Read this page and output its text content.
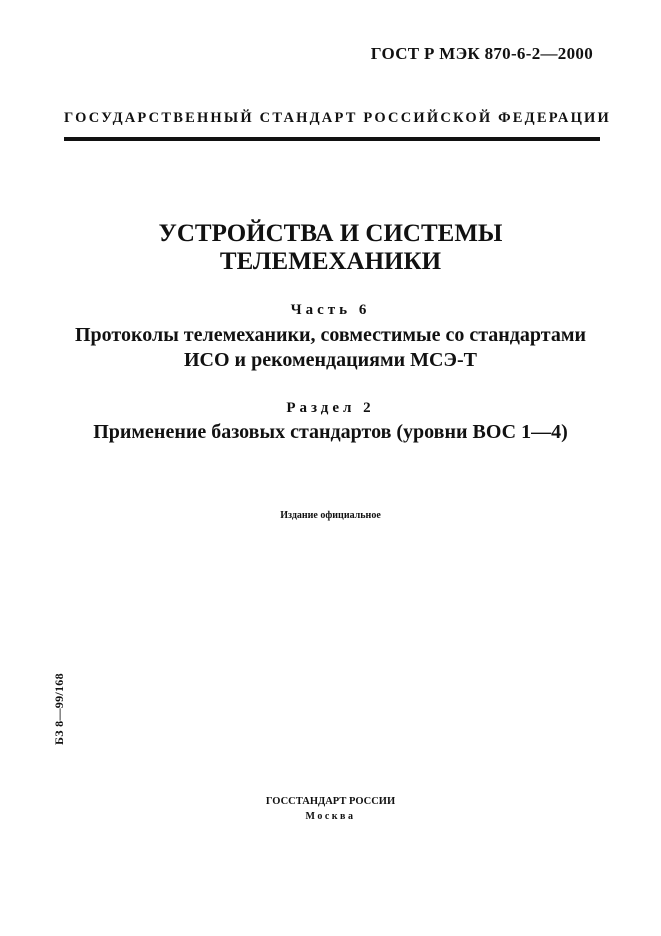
ГОСТ Р МЭК 870-6-2—2000
ГОСУДАРСТВЕННЫЙ СТАНДАРТ РОССИЙСКОЙ ФЕДЕРАЦИИ
УСТРОЙСТВА И СИСТЕМЫ
ТЕЛЕМЕХАНИКИ
Часть 6
Протоколы телемеханики, совместимые со стандартами
ИСО и рекомендациями МСЭ-Т
Раздел 2
Применение базовых стандартов (уровни ВОС 1—4)
Издание официальное
БЗ 8—99/168
ГОССТАНДАРТ РОССИИ
Москва
